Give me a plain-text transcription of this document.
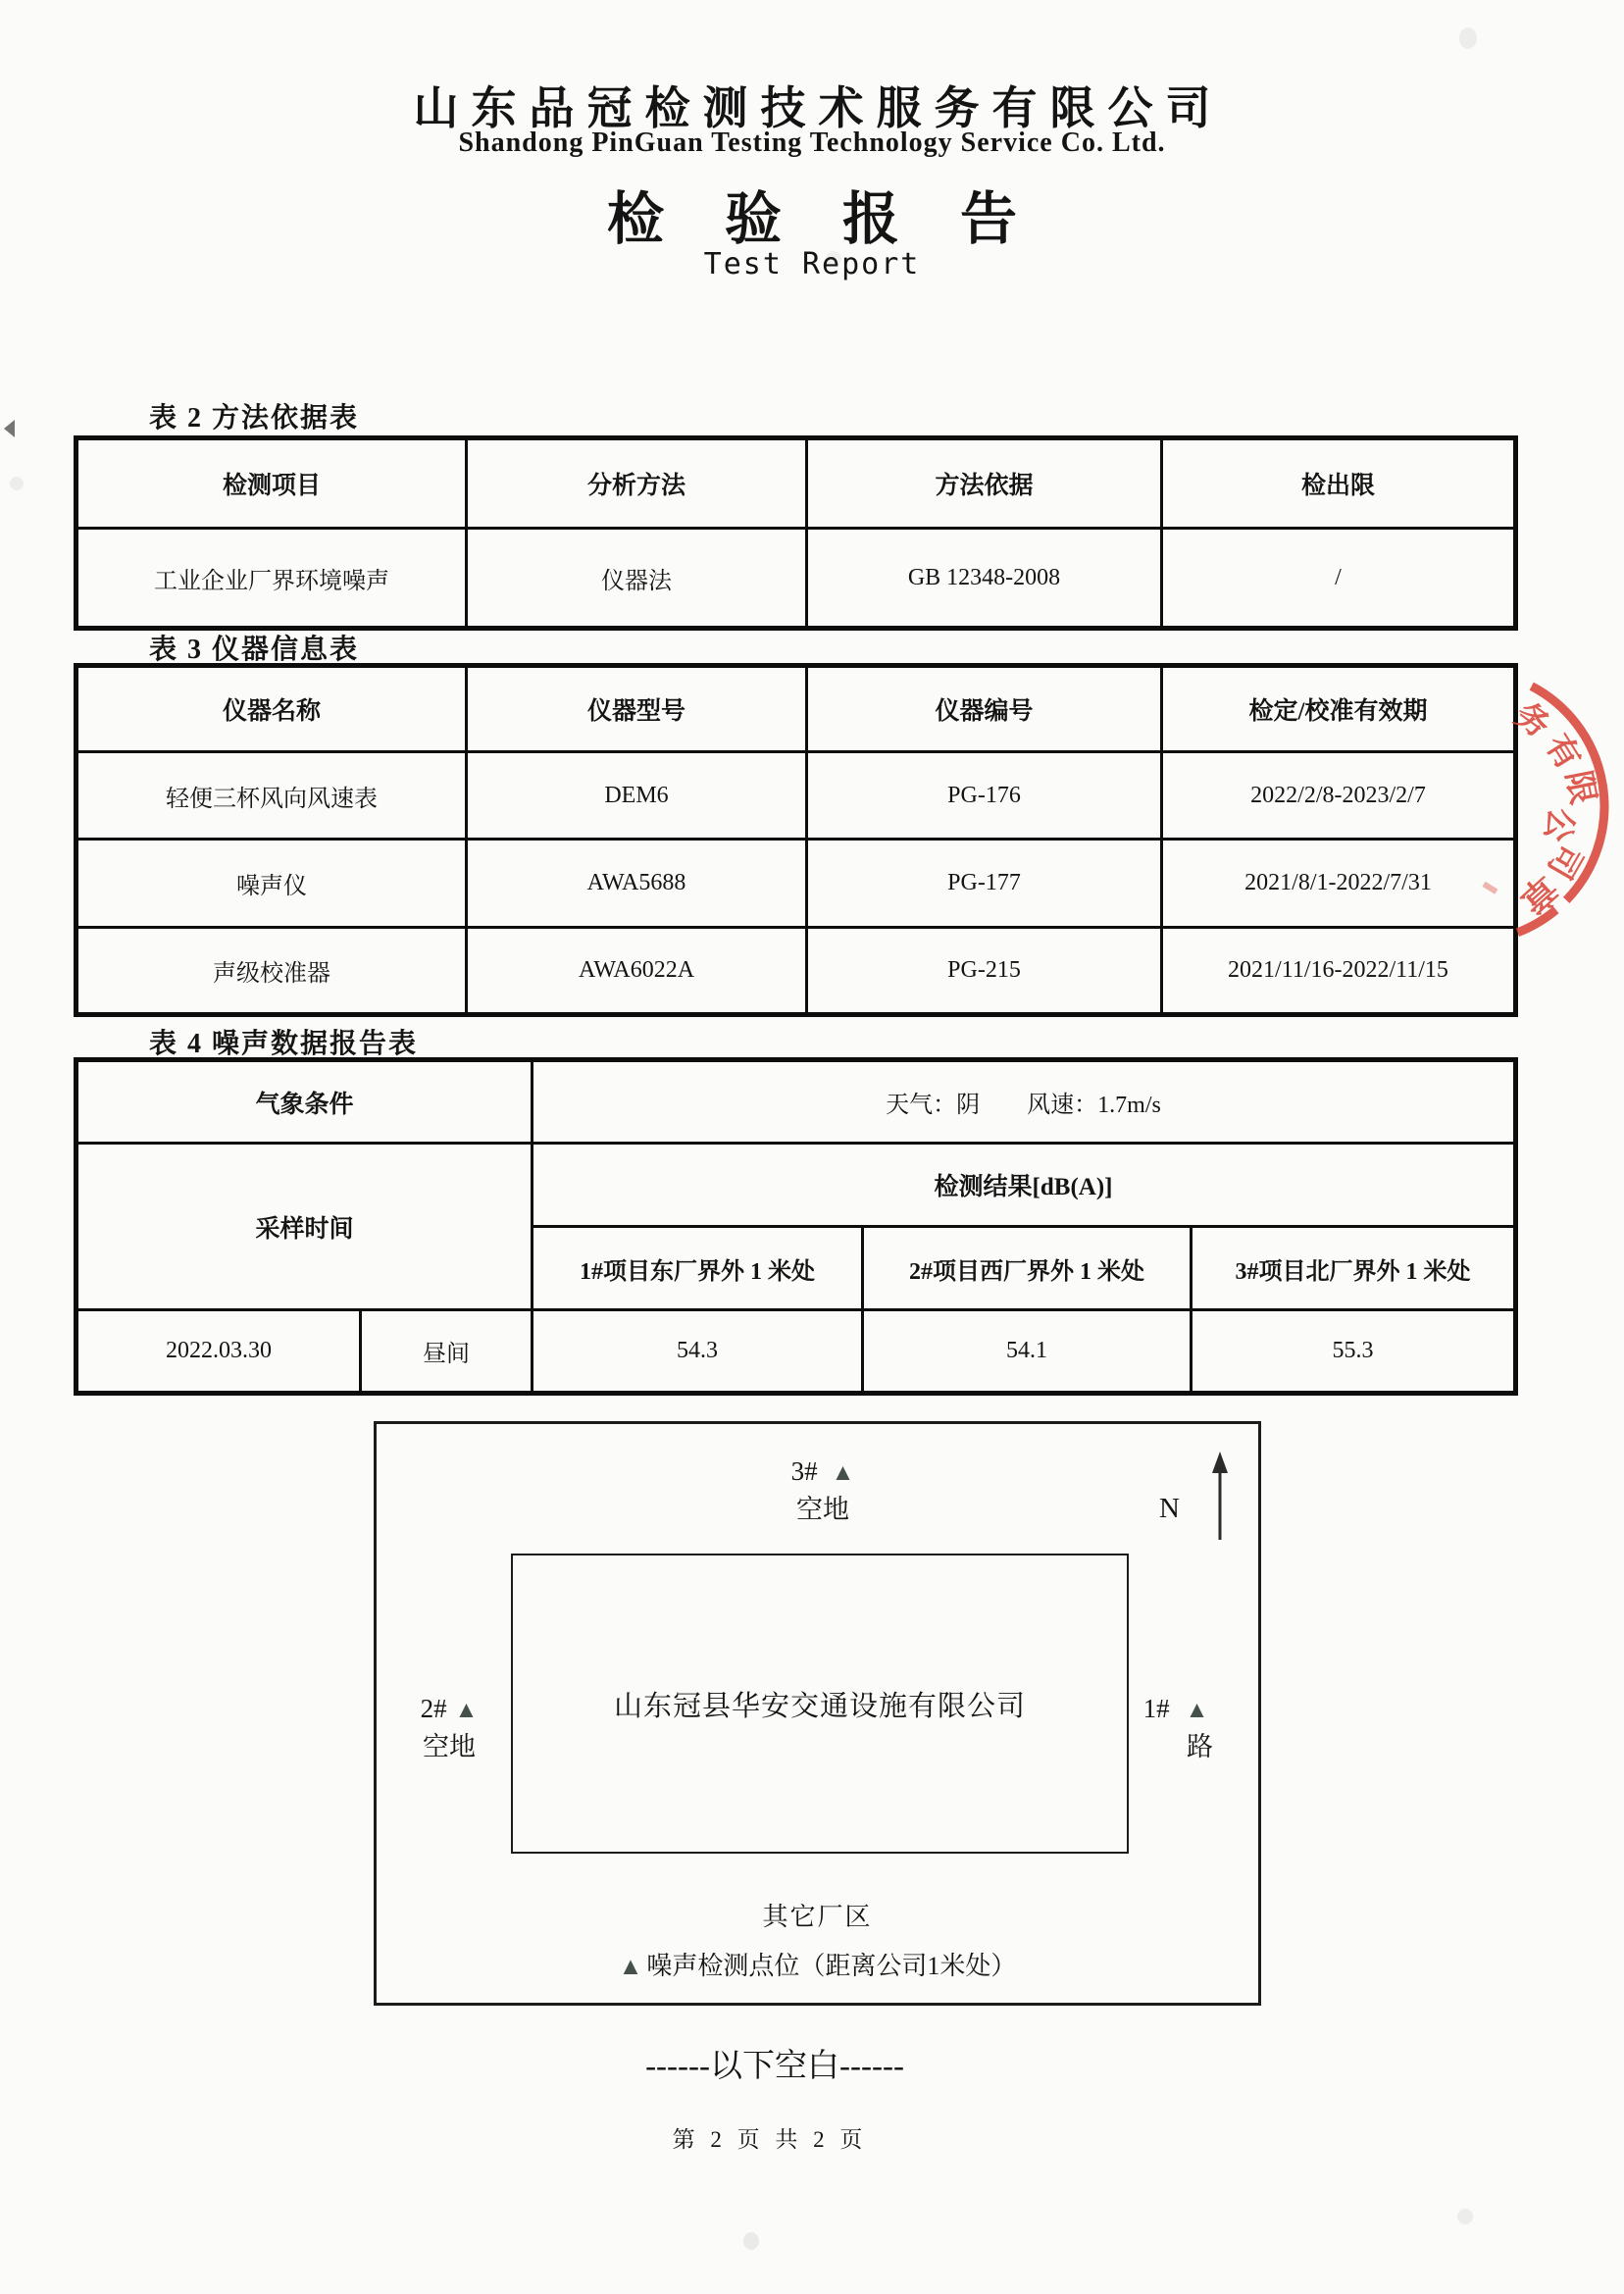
山东品冠检测技术服务有限公司
Shandong PinGuan Testing Technology Service Co. Ltd.
检验报告
Test Report
表 2 方法依据表
检测项目	分析方法	方法依据	检出限
工业企业厂界环境噪声	仪器法	GB 12348-2008	/
表 3 仪器信息表
仪器名称	仪器型号	仪器编号	检定/校准有效期
轻便三杯风向风速表	DEM6	PG-176	2022/2/8-2023/2/7
噪声仪	AWA5688	PG-177	2021/8/1-2022/7/31
声级校准器	AWA6022A	PG-215	2021/11/16-2022/11/15
表 4 噪声数据报告表
气象条件		天气：阴　　风速：1.7m/s		
采样时间		检测结果[dB(A)]		
		1#项目东厂界外 1 米处	2#项目西厂界外 1 米处	3#项目北厂界外 1 米处
2022.03.30	昼间	54.3	54.1	55.3
3# ▲
空地	N
山东冠县华安交通设施有限公司
2# ▲
空地
1# ▲
路
其它厂区
▲ 噪声检测点位（距离公司1米处）
务
有
限
公
司
章
------以下空白------
第 2 页 共 2 页
